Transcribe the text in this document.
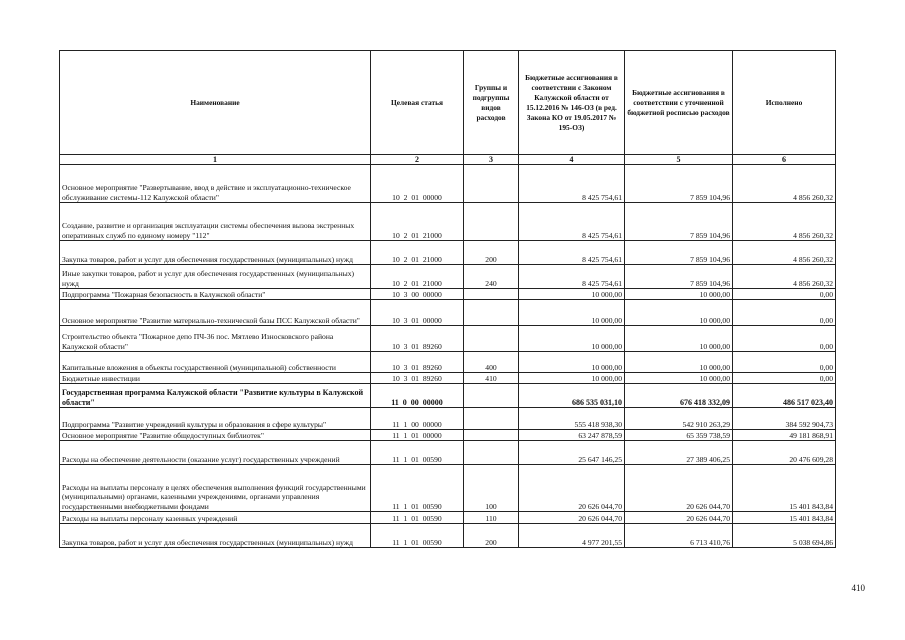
Наименование	Целевая статья	Группы и подгруппы видов расходов	Бюджетные ассигнования в соответствии с Законом Калужской области от 15.12.2016 № 146-ОЗ (в ред. Закона КО от 19.05.2017 № 195-ОЗ)	Бюджетные ассигнования в соответствии с уточненной бюджетной росписью расходов	Исполнено
1	2	3	4	5	6
Основное мероприятие "Развертывание, ввод в действие и эксплуатационно-техническое обслуживание системы-112 Калужской области"	10 2 01 00000		8 425 754,61	7 859 104,96	4 856 260,32
Создание, развитие и организация эксплуатации системы обеспечения вызова экстренных оперативных служб по единому номеру "112"	10 2 01 21000		8 425 754,61	7 859 104,96	4 856 260,32
Закупка товаров, работ и услуг для обеспечения государственных (муниципальных) нужд	10 2 01 21000	200	8 425 754,61	7 859 104,96	4 856 260,32
Иные закупки товаров, работ и услуг для обеспечения государственных (муниципальных) нужд	10 2 01 21000	240	8 425 754,61	7 859 104,96	4 856 260,32
Подпрограмма "Пожарная безопасность в Калужской области"	10 3 00 00000		10 000,00	10 000,00	0,00
Основное мероприятие "Развитие материально-технической базы ПСС Калужской области"	10 3 01 00000		10 000,00	10 000,00	0,00
Строительство объекта "Пожарное депо ПЧ-36 пос. Мятлево Износковского района Калужской области"	10 3 01 89260		10 000,00	10 000,00	0,00
Капитальные вложения в объекты государственной (муниципальной) собственности	10 3 01 89260	400	10 000,00	10 000,00	0,00
Бюджетные инвестиции	10 3 01 89260	410	10 000,00	10 000,00	0,00
Государственная программа Калужской области "Развитие культуры в Калужской области"	11 0 00 00000		686 535 031,10	676 418 332,09	486 517 023,40
Подпрограмма "Развитие учреждений культуры и образования в сфере культуры"	11 1 00 00000		555 418 938,30	542 910 263,29	384 592 904,73
Основное мероприятие "Развитие общедоступных библиотек"	11 1 01 00000		63 247 878,59	65 359 738,59	49 181 868,91
Расходы на обеспечение деятельности (оказание услуг) государственных учреждений	11 1 01 00590		25 647 146,25	27 389 406,25	20 476 609,28
Расходы на выплаты персоналу в целях обеспечения выполнения функций государственными (муниципальными) органами, казенными учреждениями, органами управления государственными внебюджетными фондами	11 1 01 00590	100	20 626 044,70	20 626 044,70	15 401 843,84
Расходы на выплаты персоналу казенных учреждений	11 1 01 00590	110	20 626 044,70	20 626 044,70	15 401 843,84
Закупка товаров, работ и услуг для обеспечения государственных (муниципальных) нужд	11 1 01 00590	200	4 977 201,55	6 713 410,76	5 038 694,86
410
